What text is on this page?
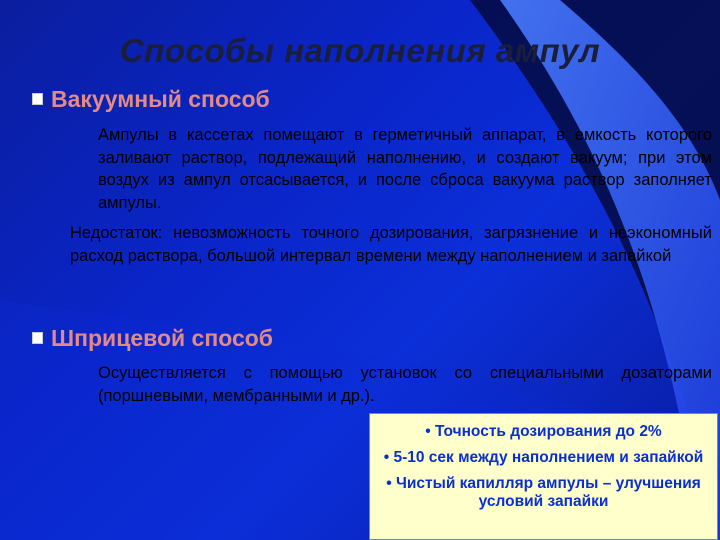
Способы наполнения ампул
Вакуумный способ
Ампулы в кассетах помещают в герметичный аппарат, в емкость которого заливают раствор, подлежащий наполнению, и создают вакуум; при этом воздух из ампул отсасывается, и после сброса вакуума раствор заполняет ампулы.
Недостаток: невозможность точного дозирования, загрязнение и неэкономный расход раствора, большой интервал времени между наполнением и запайкой
Шприцевой способ
Осуществляется с помощью установок со специальными дозаторами (поршневыми, мембранными и др.).
• Точность дозирования до 2%
• 5-10 сек между наполнением и запайкой
• Чистый капилляр ампулы – улучшения условий запайки
